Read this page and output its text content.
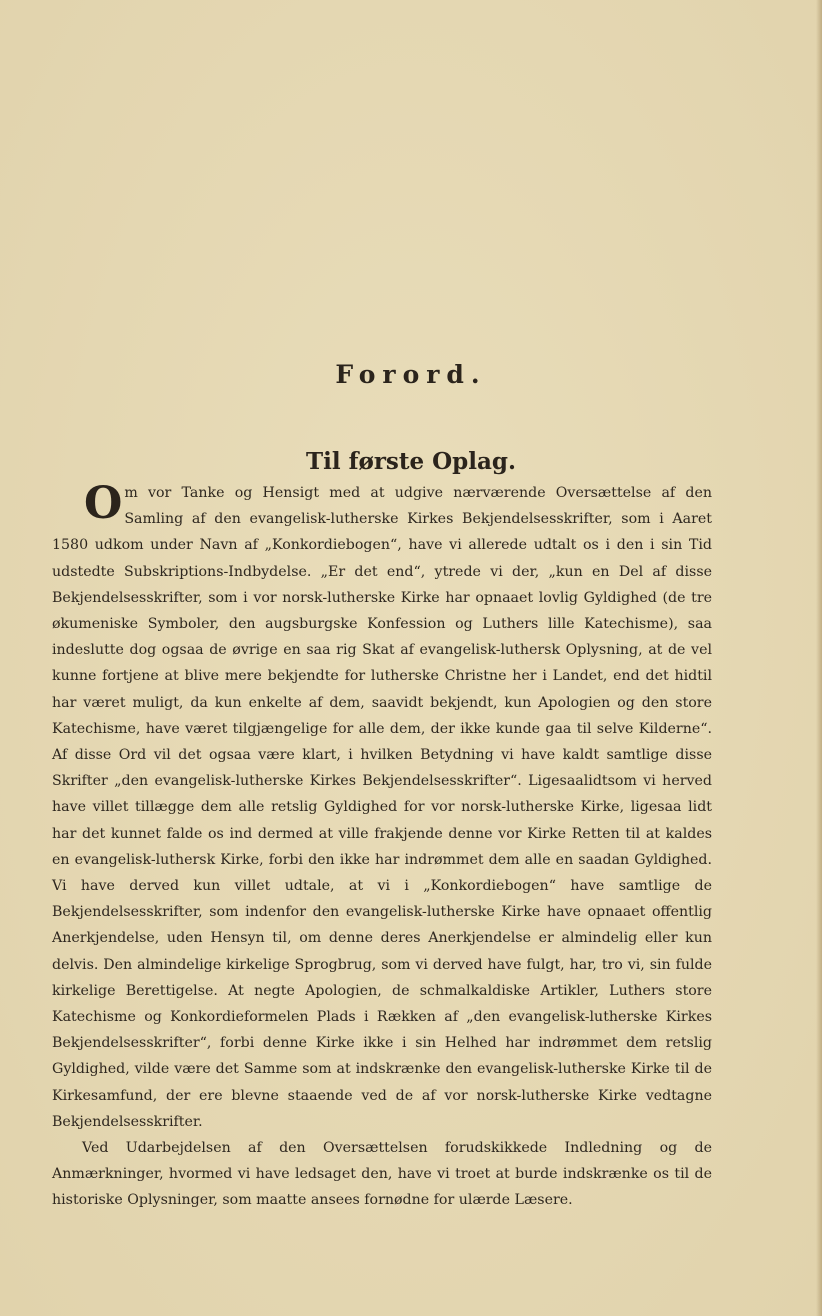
Forord.
Til første Oplag.

Om vor Tanke og Hensigt med at udgive nærværende Oversættelse af den Samling af den evangelisk-lutherske Kirkes Bekjendelsesskrifter, som i Aaret 1580 udkom under Navn af „Konkordiebogen“, have vi allerede udtalt os i den i sin Tid udstedte Subskriptions-Indbydelse. „Er det end“, ytrede vi der, „kun en Del af disse Bekjendelsesskrifter, som i vor norsk-lutherske Kirke har opnaaet lovlig Gyldighed (de tre økumeniske Symboler, den augsburgske Konfession og Luthers lille Katechisme), saa indeslutte dog ogsaa de øvrige en saa rig Skat af evangelisk-luthersk Oplysning, at de vel kunne fortjene at blive mere bekjendte for lutherske Christne her i Landet, end det hidtil har været muligt, da kun enkelte af dem, saavidt bekjendt, kun Apologien og den store Katechisme, have været tilgjængelige for alle dem, der ikke kunde gaa til selve Kilderne“. Af disse Ord vil det ogsaa være klart, i hvilken Betydning vi have kaldt samtlige disse Skrifter „den evangelisk-lutherske Kirkes Bekjendelsesskrifter“. Ligesaalidtsom vi herved have villet tillægge dem alle retslig Gyldighed for vor norsk-lutherske Kirke, ligesaa lidt har det kunnet falde os ind dermed at ville frakjende denne vor Kirke Retten til at kaldes en evangelisk-luthersk Kirke, forbi den ikke har indrømmet dem alle en saadan Gyldighed. Vi have derved kun villet udtale, at vi i „Konkordiebogen“ have samtlige de Bekjendelsesskrifter, som indenfor den evangelisk-lutherske Kirke have opnaaet offentlig Anerkjendelse, uden Hensyn til, om denne deres Anerkjendelse er almindelig eller kun delvis. Den almindelige kirkelige Sprogbrug, som vi derved have fulgt, har, tro vi, sin fulde kirkelige Berettigelse. At negte Apologien, de schmalkaldiske Artikler, Luthers store Katechisme og Konkordieformelen Plads i Rækken af „den evangelisk-lutherske Kirkes Bekjendelsesskrifter“, forbi denne Kirke ikke i sin Helhed har indrømmet dem retslig Gyldighed, vilde være det Samme som at indskrænke den evangelisk-lutherske Kirke til de Kirkesamfund, der ere blevne staaende ved de af vor norsk-lutherske Kirke vedtagne Bekjendelsesskrifter.

Ved Udarbejdelsen af den Oversættelsen forudskikkede Indledning og de Anmærkninger, hvormed vi have ledsaget den, have vi troet at burde indskrænke os til de historiske Oplysninger, som maatte ansees fornødne for ulærde Læsere.
